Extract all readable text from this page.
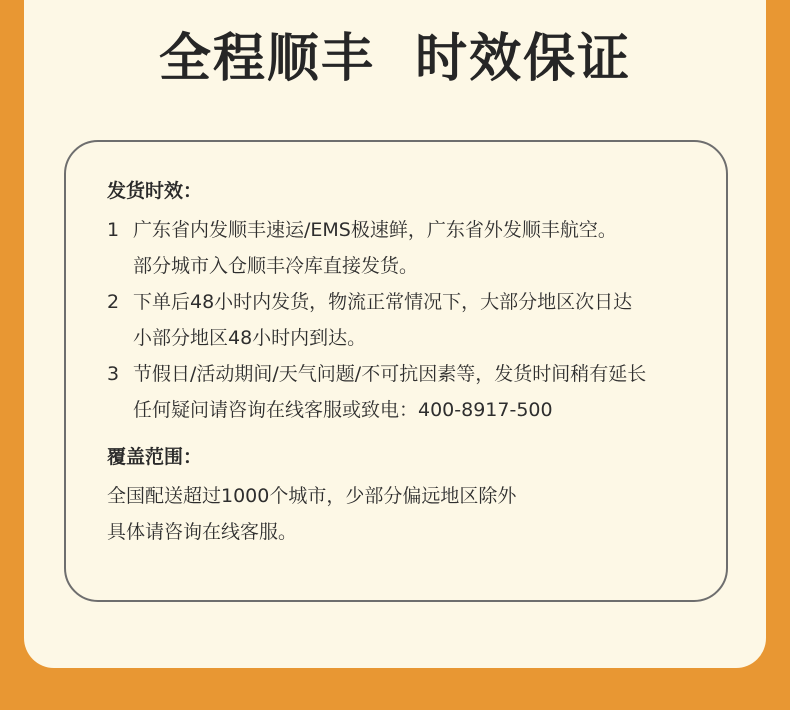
全程顺丰  时效保证
发货时效：
1 广东省内发顺丰速运/EMS极速鲜，广东省外发顺丰航空。
部分城市入仓顺丰冷库直接发货。
2 下单后48小时内发货，物流正常情况下，大部分地区次日达
小部分地区48小时内到达。
3 节假日/活动期间/天气问题/不可抗因素等，发货时间稍有延长
任何疑问请咨询在线客服或致电：400-8917-500
覆盖范围：
全国配送超过1000个城市，少部分偏远地区除外
具体请咨询在线客服。
